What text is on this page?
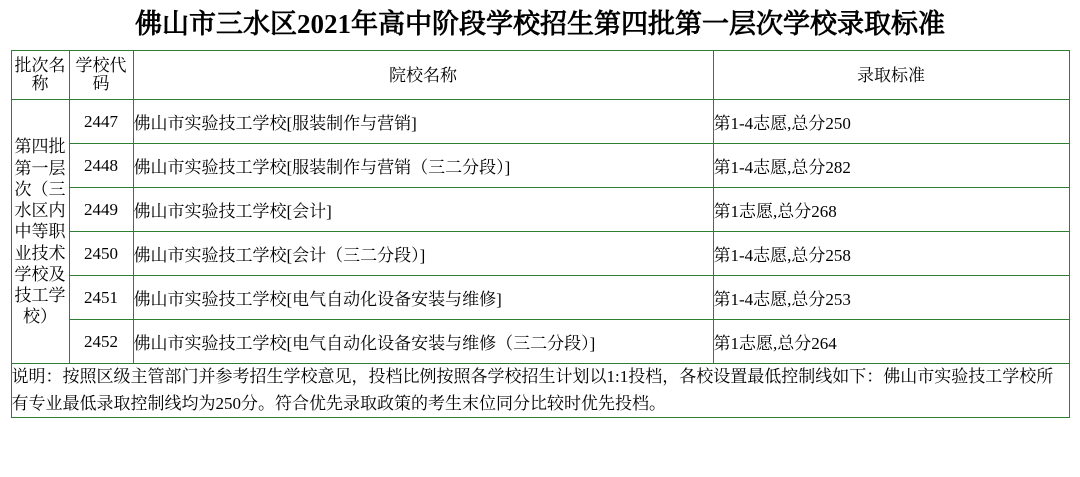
佛山市三水区2021年高中阶段学校招生第四批第一层次学校录取标准
批次名称	学校代码	院校名称	录取标准
第四批第一层次（三水区内中等职业技术学校及技工学校）	2447	佛山市实验技工学校[服装制作与营销]	第1-4志愿,总分250
	2448	佛山市实验技工学校[服装制作与营销（三二分段）]	第1-4志愿,总分282
	2449	佛山市实验技工学校[会计]	第1志愿,总分268
	2450	佛山市实验技工学校[会计（三二分段）]	第1-4志愿,总分258
	2451	佛山市实验技工学校[电气自动化设备安装与维修]	第1-4志愿,总分253
	2452	佛山市实验技工学校[电气自动化设备安装与维修（三二分段）]	第1志愿,总分264

说明：按照区级主管部门并参考招生学校意见，投档比例按照各学校招生计划以1:1投档，各校设置最低控制线如下：佛山市实验技工学校所有专业最低录取控制线均为250分。符合优先录取政策的考生末位同分比较时优先投档。			
